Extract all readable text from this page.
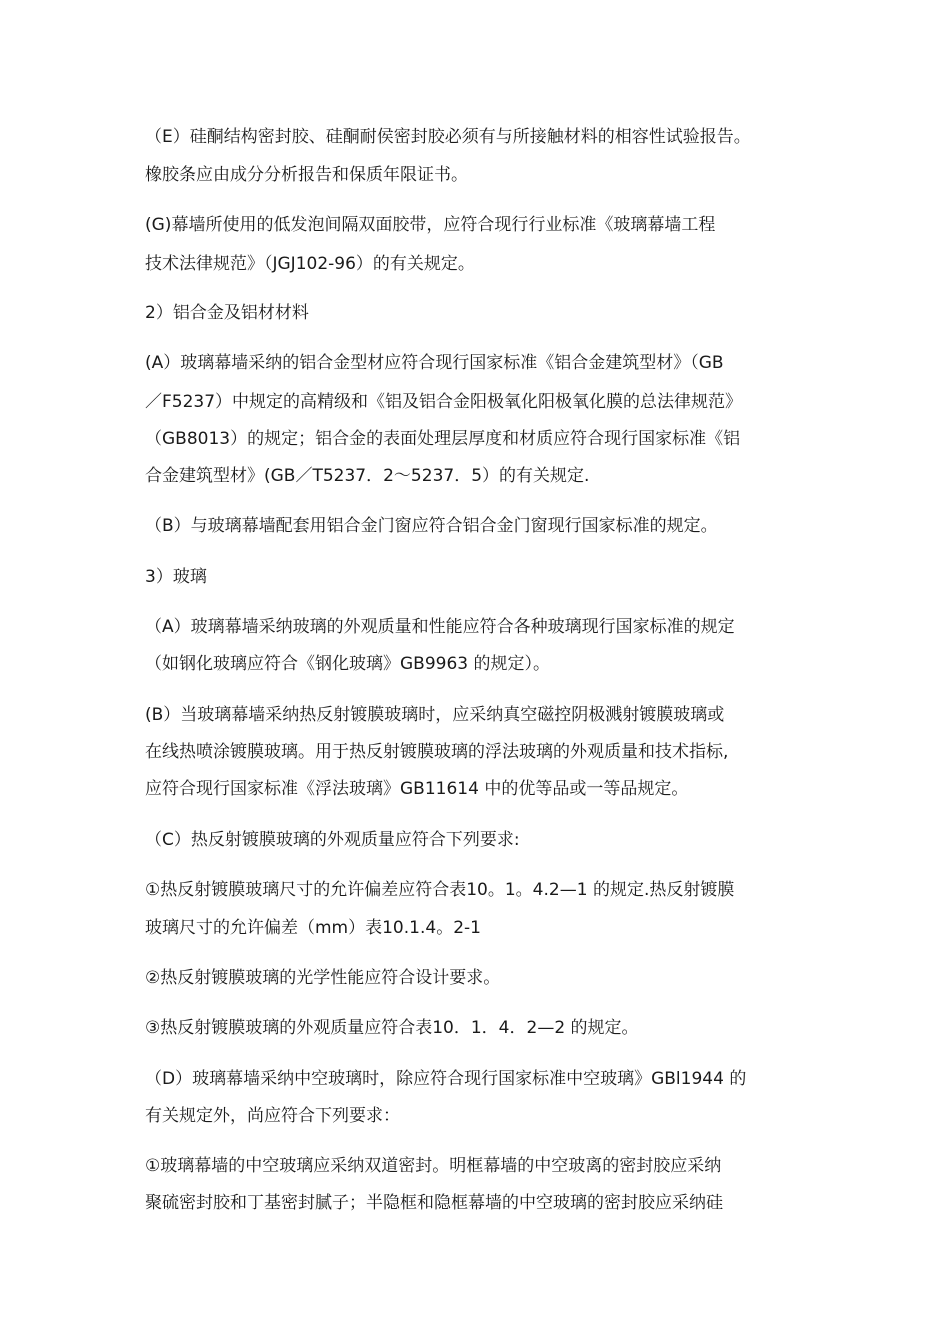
（E）硅酮结构密封胶、硅酮耐侯密封胶必须有与所接触材料的相容性试验报告。

橡胶条应由成分分析报告和保质年限证书。

(G)幕墙所使用的低发泡间隔双面胶带，应符合现行行业标准《玻璃幕墙工程

技术法律规范》（JGJ102-96）的有关规定。

2）铝合金及铝材材料

(A）玻璃幕墙采纳的铝合金型材应符合现行国家标准《铝合金建筑型材》（GB

／F5237）中规定的高精级和《铝及铝合金阳极氧化阳极氧化膜的总法律规范》

（GB8013）的规定；铝合金的表面处理层厚度和材质应符合现行国家标准《铝

合金建筑型材》(GB／T5237．2～5237．5）的有关规定.

（B）与玻璃幕墙配套用铝合金门窗应符合铝合金门窗现行国家标准的规定。

3）玻璃

（A）玻璃幕墙采纳玻璃的外观质量和性能应符合各种玻璃现行国家标准的规定

（如钢化玻璃应符合《钢化玻璃》GB9963 的规定）。

(B）当玻璃幕墙采纳热反射镀膜玻璃时，应采纳真空磁控阴极溅射镀膜玻璃或

在线热喷涂镀膜玻璃。用于热反射镀膜玻璃的浮法玻璃的外观质量和技术指标,

应符合现行国家标准《浮法玻璃》GB11614 中的优等品或一等品规定。

（C）热反射镀膜玻璃的外观质量应符合下列要求:

①热反射镀膜玻璃尺寸的允许偏差应符合表10。1。4.2—1 的规定.热反射镀膜

玻璃尺寸的允许偏差（mm）表10.1.4。2-1

②热反射镀膜玻璃的光学性能应符合设计要求。

③热反射镀膜玻璃的外观质量应符合表10．1．4．2—2 的规定。

（D）玻璃幕墙采纳中空玻璃时，除应符合现行国家标准中空玻璃》GBl1944 的

有关规定外，尚应符合下列要求：

①玻璃幕墙的中空玻璃应采纳双道密封。明框幕墙的中空玻离的密封胶应采纳

聚硫密封胶和丁基密封腻子；半隐框和隐框幕墙的中空玻璃的密封胶应采纳硅
